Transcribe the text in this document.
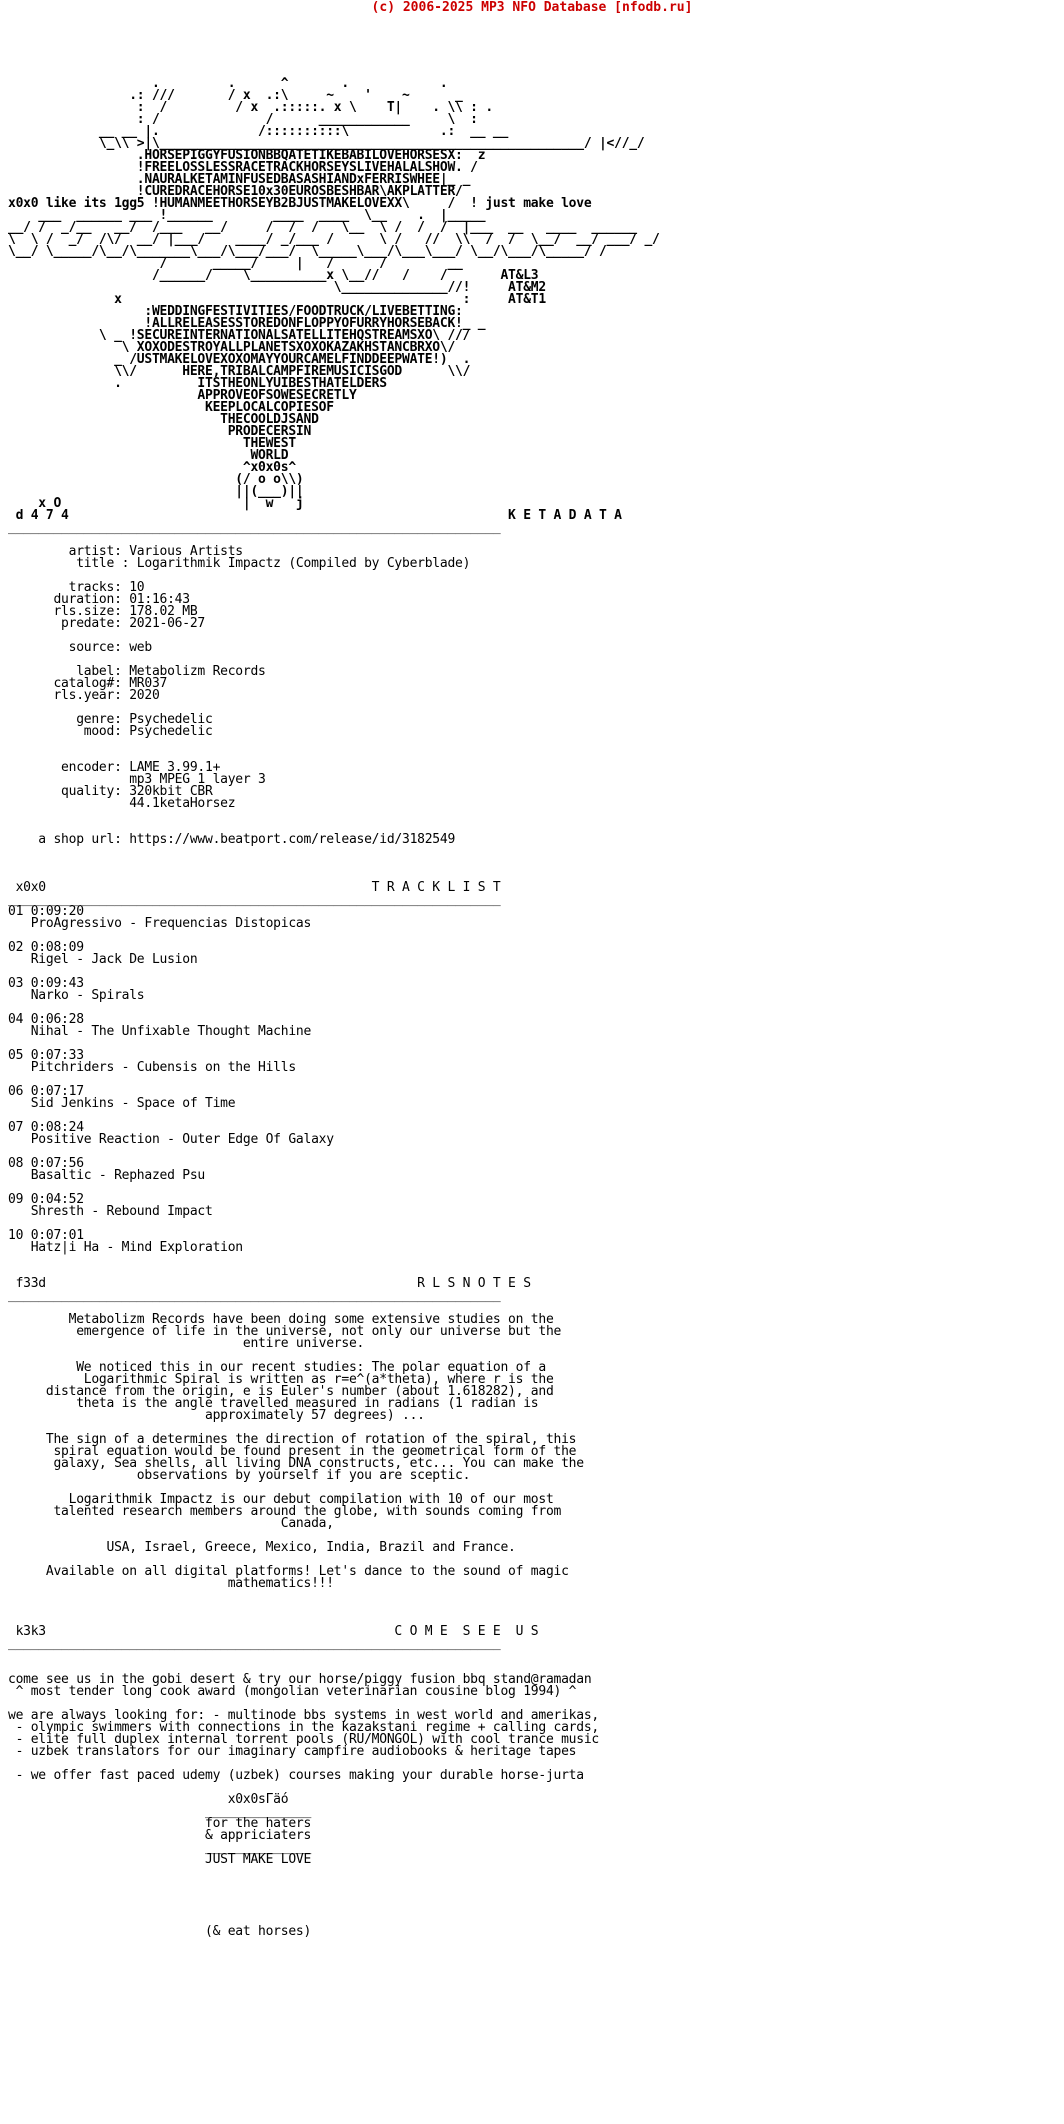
(c) 2006-2025 MP3 NFO Database [nfodb.ru]
.         .      ^       .            .
.: ///       / x  .:\     ~    '    ~      _
:  /         / x  .:::::. x \    T|    . \\ : .
: /              /      ____________     \  :
__ __ |.             /::::::::::\            .:  __ __
\_\\ >|\________________________________________________________/ |<//_/
.HORSEPIGGYFUSIONBBQATETIKEBABILOVEHORSESX:  z
!FREELOSSLESSRACETRACKHORSEYSLIVEHALALSHOW. /
.NAURALKETAMINFUSEDBASASHIANDxFERRISWHEE|_ _
!CUREDRACEHORSE10x30EUROSBESHBAR\AKPLATTER/
x0x0 like its 1gg5 !HUMANMEETHORSEYB2BJUSTMAKELOVEXX\     /  ! just make love
___  ______ ___ !______        ____  ____  \__    .  |_____
__/ /  _/__   __/  /___   __/     /  /  /   \__  \ /  /  /  |___  __   ____  ______
\  \ /  _/  /\/  __/ |___/    ____/ _/___ /      \ /   //  \\  /  /  \__/  __/ ___/ _/
\__/ \_____/\__/\_______\___/\___/___/  \_____\___/\___\___/ \__/\___/\_____/ /
/      _____/     |   /      /        __
/______/    \__________x \__//   /    /       AT&L3
\______________//!     AT&M2
x                                             :     AT&T1
:WEDDINGFESTIVITIES/FOODTRUCK/LIVEBETTING:
!ALLRELEASESSTOREDONFLOPPYOFURRYHORSEBACK!_ _
\ _ !SECUREINTERNATIONALSATELLITEHQSTREAMSXO\ ///
\ XOXODESTROYALLPLANETSXOXOKAZAKHSTANCBRXO\/
_ /USTMAKELOVEXOXOMAYYOURCAMELFINDDEEPWATE!)  .
\\/      HERE,TRIBALCAMPFIREMUSICISGOD      \\/
.          ITSTHEONLYUIBESTHATELDERS
APPROVEOFSOWESECRETLY
KEEPLOCALCOPIESOF
THECOOLDJSAND
PRODECERSIN
THEWEST
WORLD
^x0x0s^
(/ o o\\)
||(___)||
x O                        |  w   j
d 4 7 4                                                          K E T A D A T A
_________________________________________________________________

artist: Various Artists
title : Logarithmik Impactz (Compiled by Cyberblade)

tracks: 10
duration: 01:16:43
rls.size: 178.02 MB
predate: 2021-06-27

source: web

label: Metabolizm Records
catalog#: MR037
rls.year: 2020

genre: Psychedelic
mood: Psychedelic

encoder: LAME 3.99.1+
mp3 MPEG 1 layer 3
quality: 320kbit CBR
44.1ketaHorsez

a shop url: https://www.beatport.com/release/id/3182549

x0x0                                           T R A C K L I S T
_________________________________________________________________
01 0:09:20
ProAgressivo - Frequencias Distopicas

02 0:08:09
Rigel - Jack De Lusion

03 0:09:43
Narko - Spirals

04 0:06:28
Nihal - The Unfixable Thought Machine

05 0:07:33
Pitchriders - Cubensis on the Hills

06 0:07:17
Sid Jenkins - Space of Time

07 0:08:24
Positive Reaction - Outer Edge Of Galaxy

08 0:07:56
Basaltic - Rephazed Psu

09 0:04:52
Shresth - Rebound Impact

10 0:07:01
Hatz|i Ha - Mind Exploration

f33d                                                 R L S N O T E S
_________________________________________________________________

Metabolizm Records have been doing some extensive studies on the
emergence of life in the universe, not only our universe but the
entire universe.

We noticed this in our recent studies: The polar equation of a
Logarithmic Spiral is written as r=e^(a*theta), where r is the
distance from the origin, e is Euler's number (about 1.618282), and
theta is the angle travelled measured in radians (1 radian is
approximately 57 degrees) ...

The sign of a determines the direction of rotation of the spiral, this
spiral equation would be found present in the geometrical form of the
galaxy, Sea shells, all living DNA constructs, etc... You can make the
observations by yourself if you are sceptic.

Logarithmik Impactz is our debut compilation with 10 of our most
talented research members around the globe, with sounds coming from
Canada,

USA, Israel, Greece, Mexico, India, Brazil and France.

Available on all digital platforms! Let's dance to the sound of magic
mathematics!!!

k3k3                                              C O M E  S E E  U S
_________________________________________________________________

come see us in the gobi desert & try our horse/piggy fusion bbq stand@ramadan
^ most tender long cook award (mongolian veterinarian cousine blog 1994) ^

we are always looking for: - multinode bbs systems in west world and amerikas,
- olympic swimmers with connections in the kazakstani regime + calling cards,
- elite full duplex internal torrent pools (RU/MONGOL) with cool trance music
- uzbek translators for our imaginary campfire audiobooks & heritage tapes

- we offer fast paced udemy (uzbek) courses making your durable horse-jurta

x0x0sГäó
______________
for the haters
& appriciaters
______________
JUST MAKE LOVE

(& eat horses)
